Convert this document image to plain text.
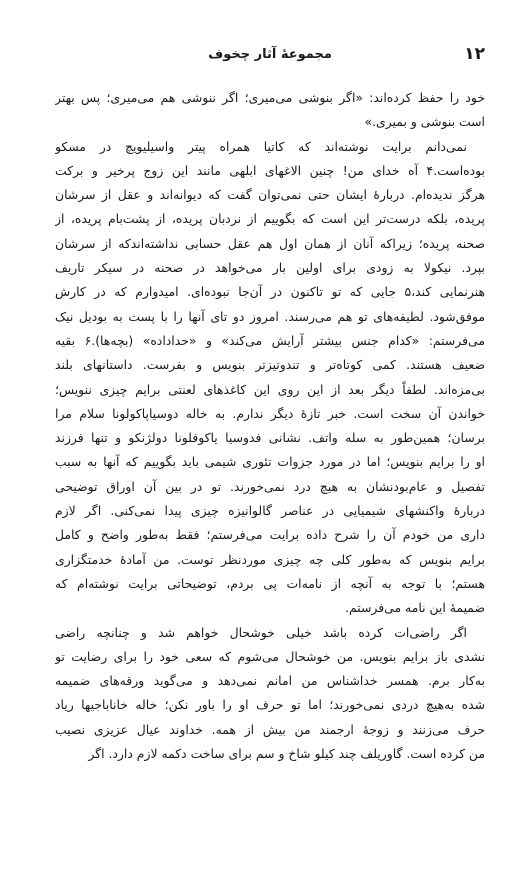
۱۲
مجموعهٔ آثار چخوف
خود را حفظ کرده‌اند: «اگر بنوشی می‌میری؛ اگر ننوشی هم می‌میری؛ پس بهتر
است بنوشی و بمیری.»
نمی‌دانم برایت نوشته‌اند که کاتیا همراه پیتر واسیلیویچ در مسکو
بوده‌است.۴ آه خدای من! چنین الاغهای ابلهی مانند این زوج پرخیر و برکت
هرگز ندیده‌ام. دربارهٔ ایشان حتی نمی‌توان گفت که دیوانه‌اند و عقل از سرشان
پریده، بلکه درست‌تر این است که بگوییم از نردبان پریده، از پشت‌بام پریده، از
صحنه پریده؛ زیراکه آنان از همان اول هم عقل حسابی نداشته‌اندکه از سرشان
بپرد. نیکولا به زودی برای اولین بار می‌خواهد در صحنه در سیکر تاریف
هنرنمایی کند،۵ جایی که تو تاکنون در آن‌جا نبوده‌ای. امیدوارم که در کارش
موفق‌شود. لطیفه‌های تو هم می‌رسند. امروز دو تای آنها را با پست به بودیل نیک
می‌فرستم: «کدام جنس بیشتر آرایش می‌کند» و «حداداده» (بچه‌ها).۶ بقیه
ضعیف هستند. کمی کوتاه‌تر و تندوتیزتر بنویس و بفرست. داستانهای بلند
بی‌مزه‌اند. لطفاً دیگر بعد از این روی این کاغذهای لعنتی برایم چیزی ننویس؛
خواندن آن سخت است. خبر تازهٔ دیگر ندارم. به خاله دوسیاپاکولونا سلام مرا
برسان؛ همین‌طور به سله واتف. نشانی فدوسیا یاکوفلونا دولژنکو و تنها فرزند
او را برایم بنویس؛ اما در مورد جزوات تئوری شیمی باید بگوییم که آنها به سبب
تفصیل و عام‌بودنشان به هیچ درد نمی‌خورند. تو در بین آن اوراق توضیحی
دربارهٔ واکنشهای شیمیایی در عناصر گالوانیزه چیزی پیدا نمی‌کنی. اگر لازم
داری من خودم آن را شرح داده برایت می‌فرستم؛ فقط به‌طور واضح و کامل
برایم بنویس که به‌طور کلی چه چیزی موردنظر توست. من آمادهٔ خدمتگزاری
هستم؛ با توجه به آنچه از نامه‌ات پی بردم، توضیحاتی برایت نوشته‌ام که
ضمیمهٔ این نامه می‌فرستم.
اگر راضی‌ات کرده باشد خیلی خوشحال خواهم شد و چنانچه راضی
نشدی باز برایم بنویس. من خوشحال می‌شوم که سعی خود را برای رضایت تو
به‌کار برم. همسر خداشناس من امانم نمی‌دهد و می‌گوید ورقه‌های ضمیمه
شده به‌هیچ دردی نمی‌خورند؛ اما تو حرف او را باور نکن؛ خاله خاناباجیها ریاد
حرف می‌زنند و زوجهٔ ارجمند من بیش از همه. خداوند عیال عزیزی نصیب
من کرده است. گاوریلف چند کیلو شاخ و سم برای ساخت دکمه لازم دارد. اگر
